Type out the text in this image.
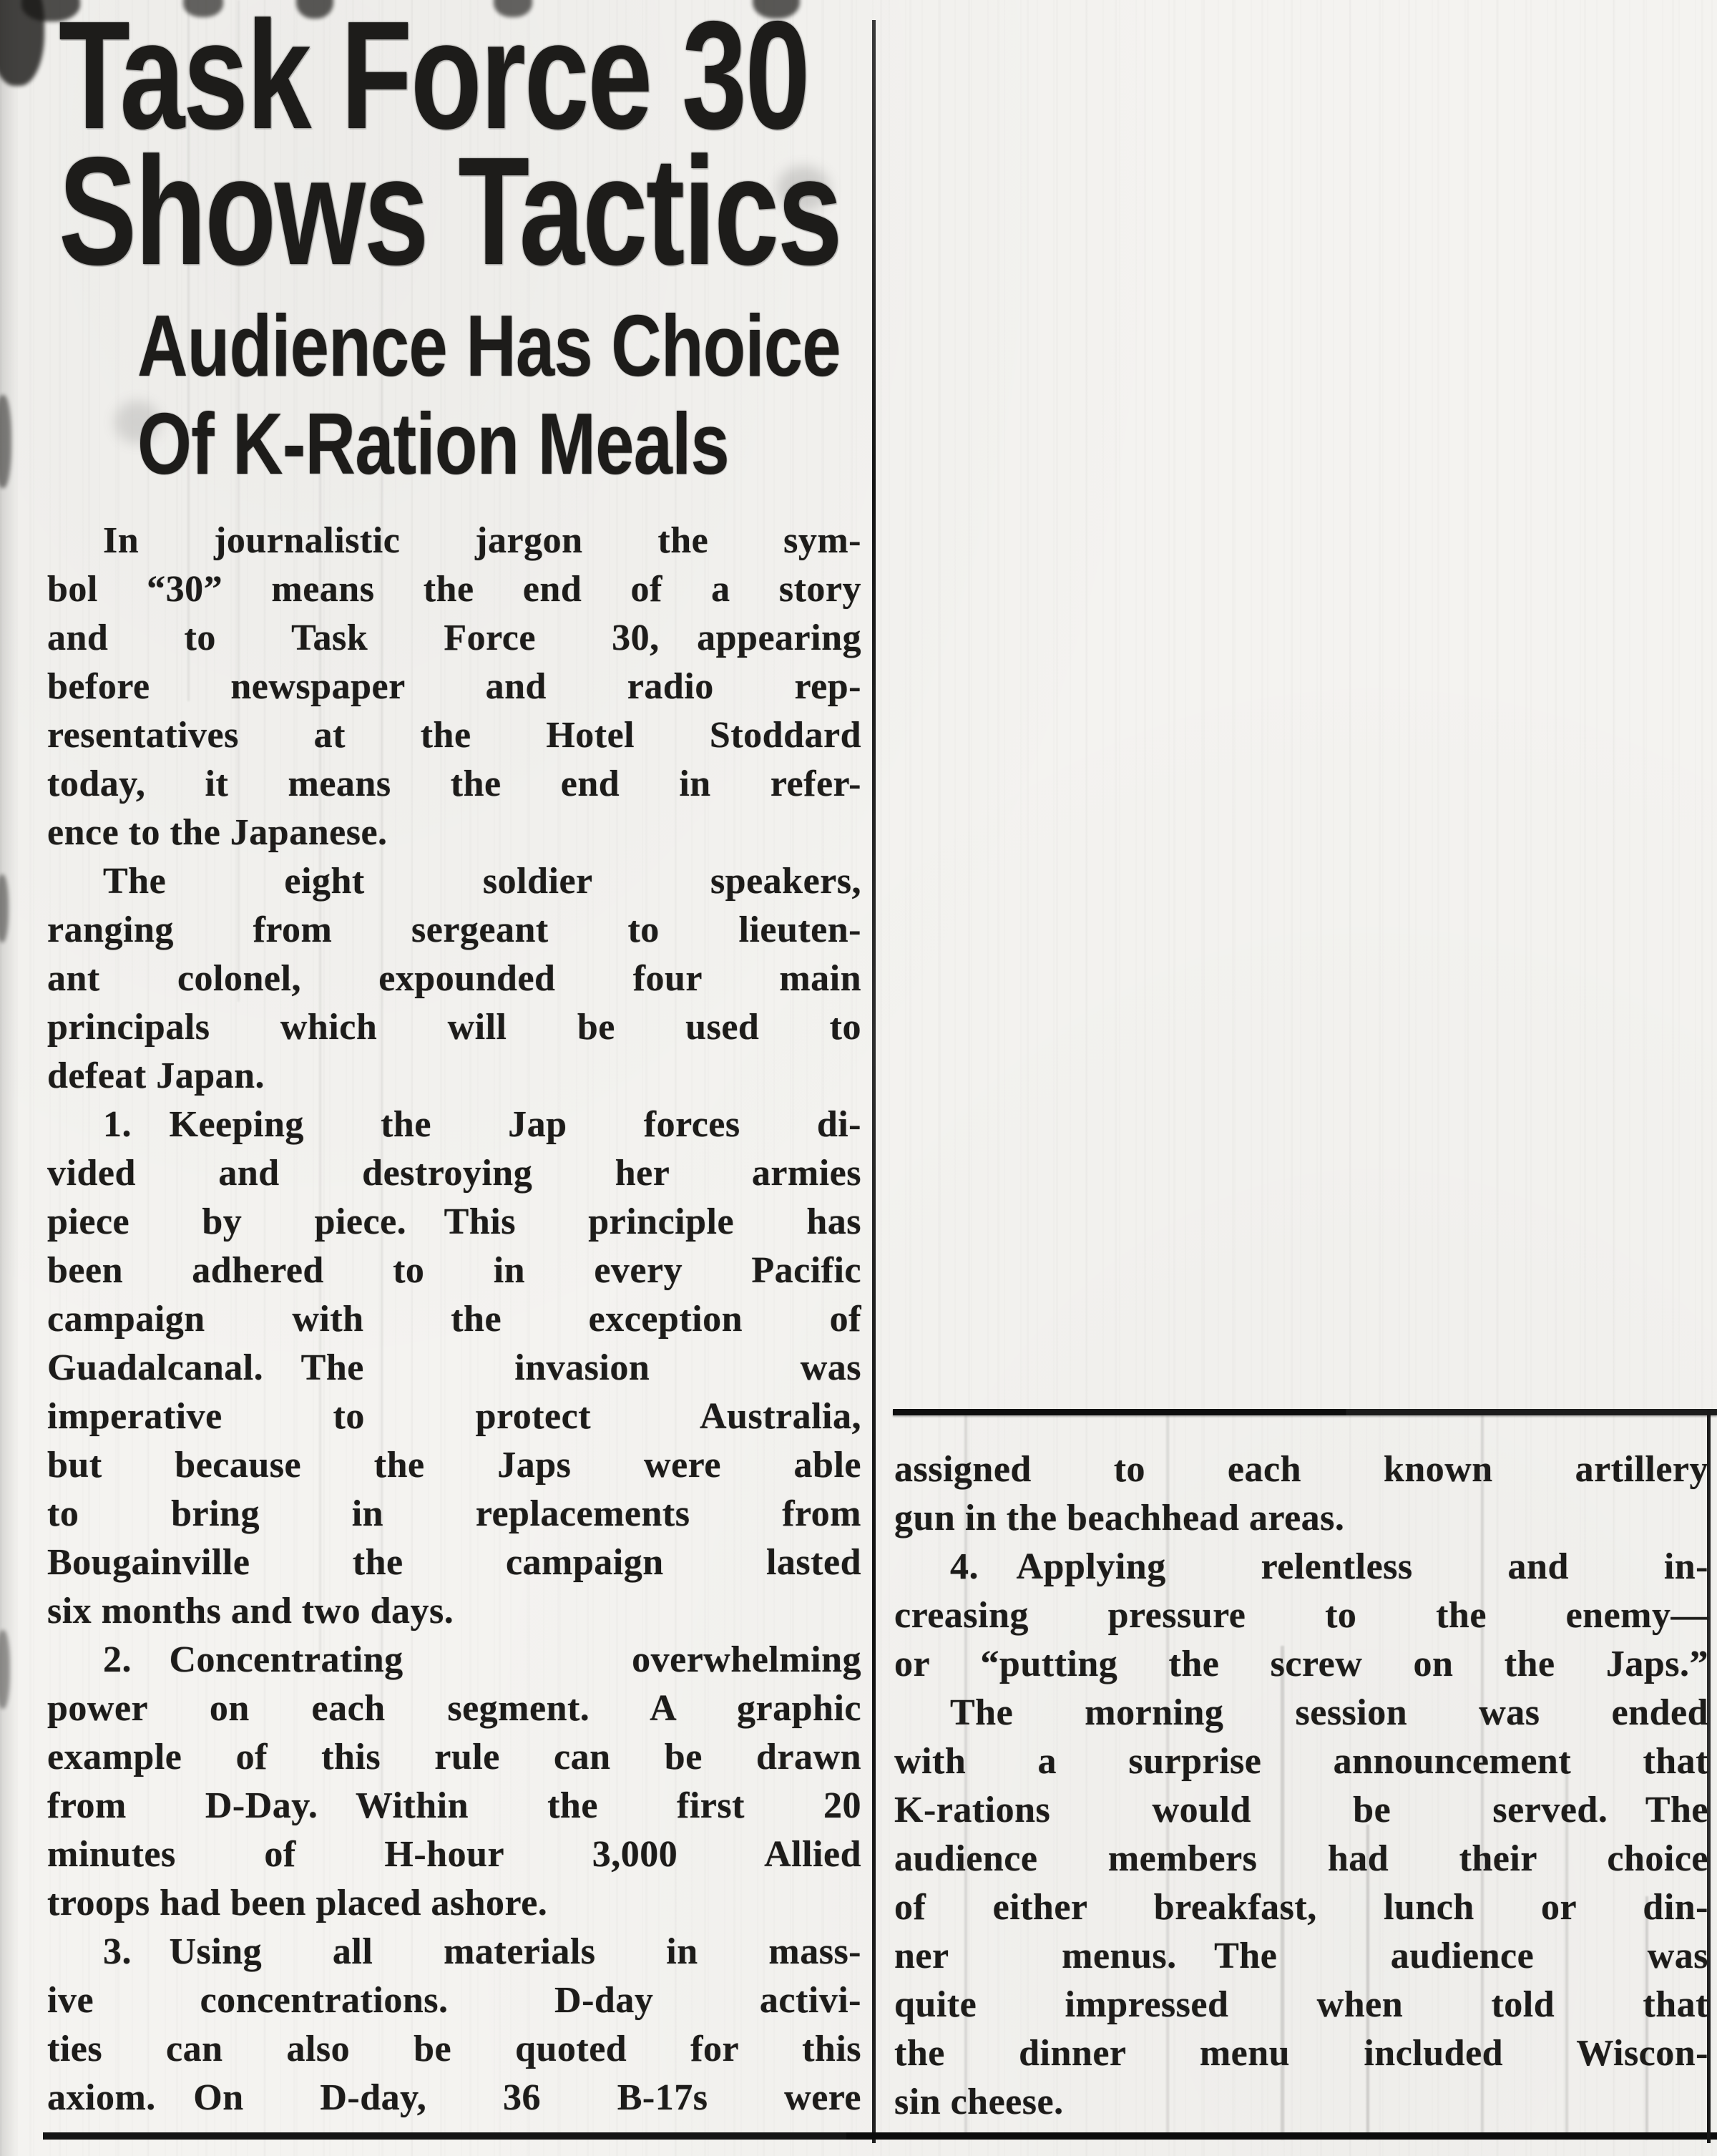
Task Force 30
Shows Tactics
Audience Has Choice
Of K-Ration Meals
In journalistic jargon the sym-
bol “30” means the end of a story
and to Task Force 30, appearing
before newspaper and radio rep-
resentatives at the Hotel Stoddard
today, it means the end in refer-
ence to the Japanese.
The eight soldier speakers,
ranging from sergeant to lieuten-
ant colonel, expounded four main
principals which will be used to
defeat Japan.
1. Keeping the Jap forces di-
vided and destroying her armies
piece by piece. This principle has
been adhered to in every Pacific
campaign with the exception of
Guadalcanal. The invasion was
imperative to protect Australia,
but because the Japs were able
to bring in replacements from
Bougainville the campaign lasted
six months and two days.
2. Concentrating overwhelming
power on each segment. A graphic
example of this rule can be drawn
from D-Day. Within the first 20
minutes of H-hour 3,000 Allied
troops had been placed ashore.
3. Using all materials in mass-
ive concentrations. D-day activi-
ties can also be quoted for this
axiom. On D-day, 36 B-17s were
assigned to each known artillery
gun in the beachhead areas.
4. Applying relentless and in-
creasing pressure to the enemy—
or “putting the screw on the Japs.”
The morning session was ended
with a surprise announcement that
K-rations would be served. The
audience members had their choice
of either breakfast, lunch or din-
ner menus. The audience was
quite impressed when told that
the dinner menu included Wiscon-
sin cheese.
